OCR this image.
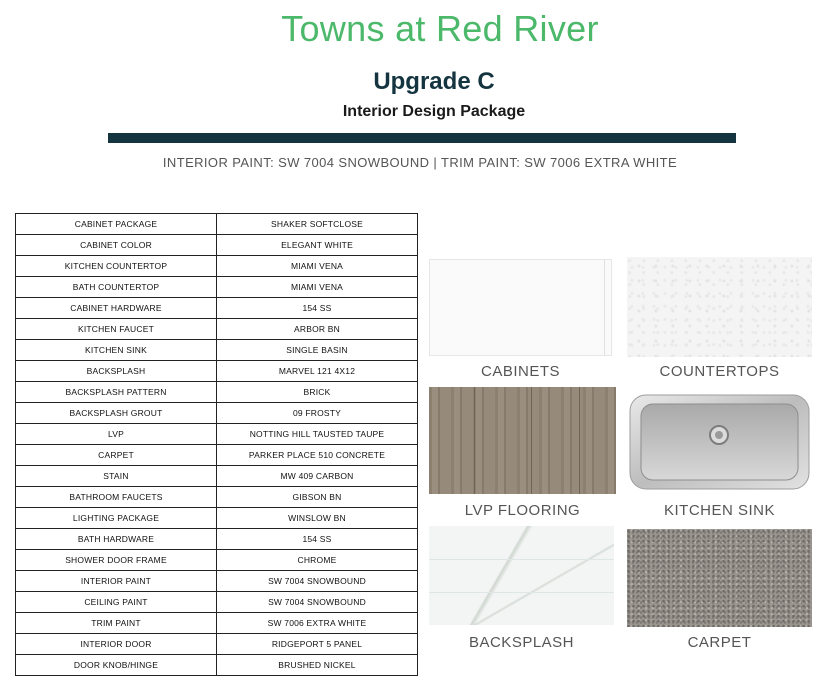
Towns at Red River
Upgrade C
Interior Design Package
INTERIOR PAINT: SW 7004 SNOWBOUND | TRIM PAINT: SW 7006 EXTRA WHITE
CABINET PACKAGE	SHAKER SOFTCLOSE
CABINET COLOR	ELEGANT WHITE
KITCHEN COUNTERTOP	MIAMI VENA
BATH COUNTERTOP	MIAMI VENA
CABINET HARDWARE	154 SS
KITCHEN FAUCET	ARBOR BN
KITCHEN SINK	SINGLE BASIN
BACKSPLASH	MARVEL 121 4X12
BACKSPLASH PATTERN	BRICK
BACKSPLASH GROUT	09 FROSTY
LVP	NOTTING HILL TAUSTED TAUPE
CARPET	PARKER PLACE 510 CONCRETE
STAIN	MW 409 CARBON
BATHROOM FAUCETS	GIBSON BN
LIGHTING PACKAGE	WINSLOW BN
BATH HARDWARE	154 SS
SHOWER DOOR FRAME	CHROME
INTERIOR PAINT	SW 7004 SNOWBOUND
CEILING PAINT	SW 7004 SNOWBOUND
TRIM PAINT	SW 7006 EXTRA WHITE
INTERIOR DOOR	RIDGEPORT 5 PANEL
DOOR KNOB/HINGE	BRUSHED NICKEL
CABINETS	COUNTERTOPS
LVP FLOORING	KITCHEN SINK
BACKSPLASH	CARPET
